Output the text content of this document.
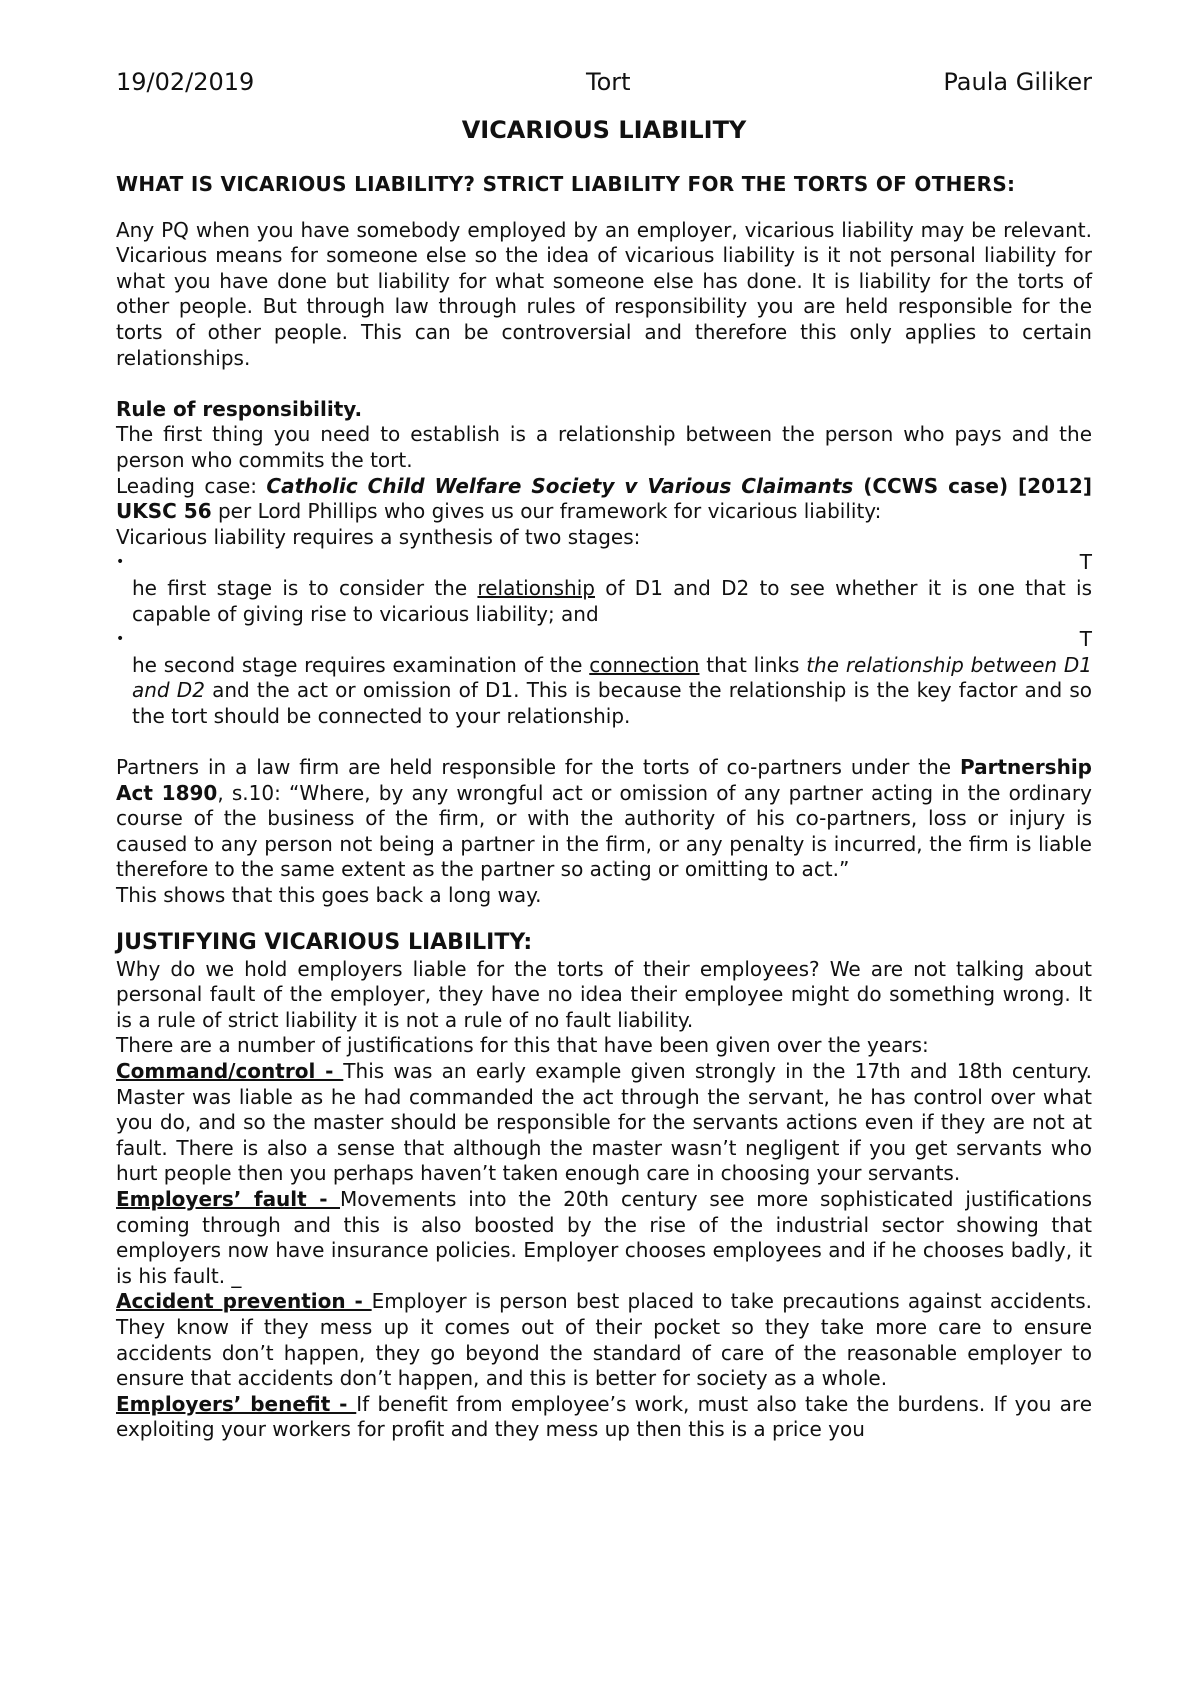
19/02/2019	Tort	Paula Giliker
VICARIOUS LIABILITY

WHAT IS VICARIOUS LIABILITY? STRICT LIABILITY FOR THE TORTS OF OTHERS:

Any PQ when you have somebody employed by an employer, vicarious liability may be relevant. Vicarious means for someone else so the idea of vicarious liability is it not personal liability for what you have done but liability for what someone else has done. It is liability for the torts of other people. But through law through rules of responsibility you are held responsible for the torts of other people. This can be controversial and therefore this only applies to certain relationships.

Rule of responsibility.

The first thing you need to establish is a relationship between the person who pays and the person who commits the tort.

Leading case: Catholic Child Welfare Society v Various Claimants (CCWS case) [2012] UKSC 56 per Lord Phillips who gives us our framework for vicarious liability:

Vicarious liability requires a synthesis of two stages:

•	T

he first stage is to consider the relationship of D1 and D2 to see whether it is one that is capable of giving rise to vicarious liability; and

•	T

he second stage requires examination of the connection that links the relationship between D1 and D2 and the act or omission of D1. This is because the relationship is the key factor and so the tort should be connected to your relationship.

Partners in a law firm are held responsible for the torts of co-partners under the Partnership Act 1890, s.10: “Where, by any wrongful act or omission of any partner acting in the ordinary course of the business of the firm, or with the authority of his co-partners, loss or injury is caused to any person not being a partner in the firm, or any penalty is incurred, the firm is liable therefore to the same extent as the partner so acting or omitting to act.”

This shows that this goes back a long way.

JUSTIFYING VICARIOUS LIABILITY:

Why do we hold employers liable for the torts of their employees? We are not talking about personal fault of the employer, they have no idea their employee might do something wrong. It is a rule of strict liability it is not a rule of no fault liability.

There are a number of justifications for this that have been given over the years:

Command/control - This was an early example given strongly in the 17th and 18th century. Master was liable as he had commanded the act through the servant, he has control over what you do, and so the master should be responsible for the servants actions even if they are not at fault. There is also a sense that although the master wasn’t negligent if you get servants who hurt people then you perhaps haven’t taken enough care in choosing your servants.

Employers’ fault - Movements into the 20th century see more sophisticated justifications coming through and this is also boosted by the rise of the industrial sector showing that employers now have insurance policies. Employer chooses employees and if he chooses badly, it is his fault. _

Accident prevention - Employer is person best placed to take precautions against accidents. They know if they mess up it comes out of their pocket so they take more care to ensure accidents don’t happen, they go beyond the standard of care of the reasonable employer to ensure that accidents don’t happen, and this is better for society as a whole.

Employers’ benefit - If benefit from employee’s work, must also take the burdens. If you are exploiting your workers for profit and they mess up then this is a price you
